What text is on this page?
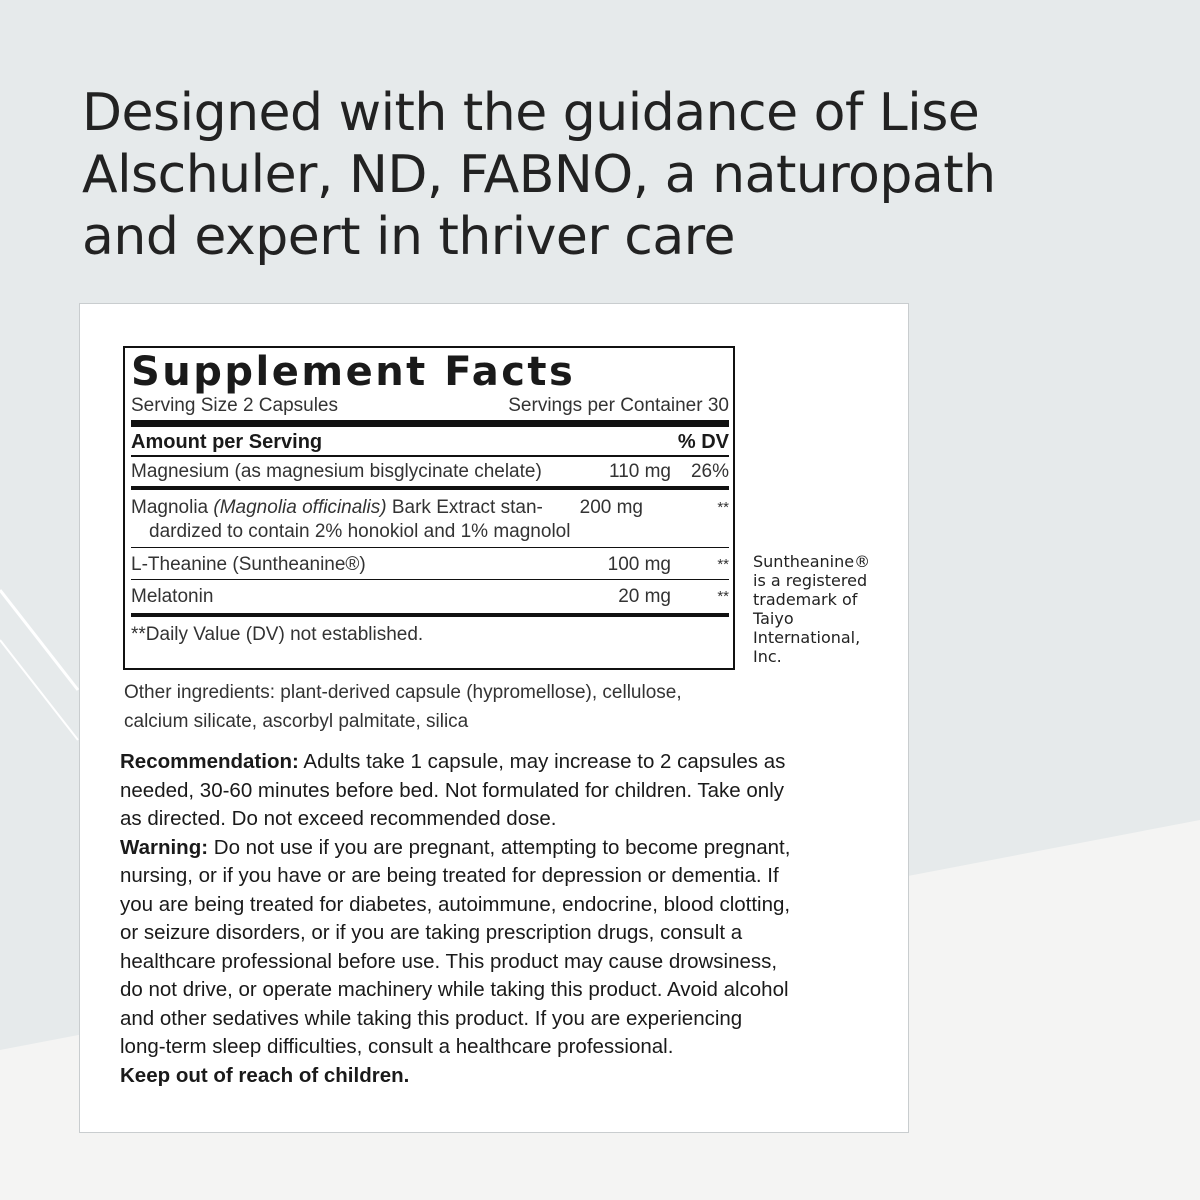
Designed with the guidance of Lise
Alschuler, ND, FABNO, a naturopath
and expert in thriver care
Supplement Facts
Serving Size 2 Capsules	Servings per Container 30
Amount per Serving	% DV
Magnesium (as magnesium bisglycinate chelate)	110 mg	26%
Magnolia (Magnolia officinalis) Bark Extract stan-
dardized to contain 2% honokiol and 1% magnolol
200 mg	**
L-Theanine (Suntheanine®)	100 mg	**
Melatonin	20 mg	**
**Daily Value (DV) not established.
Suntheanine®
is a registered
trademark of
Taiyo
International,
Inc.
Other ingredients: plant-derived capsule (hypromellose), cellulose,
calcium silicate, ascorbyl palmitate, silica
Recommendation: Adults take 1 capsule, may increase to 2 capsules as
needed, 30-60 minutes before bed. Not formulated for children. Take only
as directed. Do not exceed recommended dose.
Warning: Do not use if you are pregnant, attempting to become pregnant,
nursing, or if you have or are being treated for depression or dementia. If
you are being treated for diabetes, autoimmune, endocrine, blood clotting,
or seizure disorders, or if you are taking prescription drugs, consult a
healthcare professional before use. This product may cause drowsiness,
do not drive, or operate machinery while taking this product. Avoid alcohol
and other sedatives while taking this product. If you are experiencing
long-term sleep difficulties, consult a healthcare professional.
Keep out of reach of children.
